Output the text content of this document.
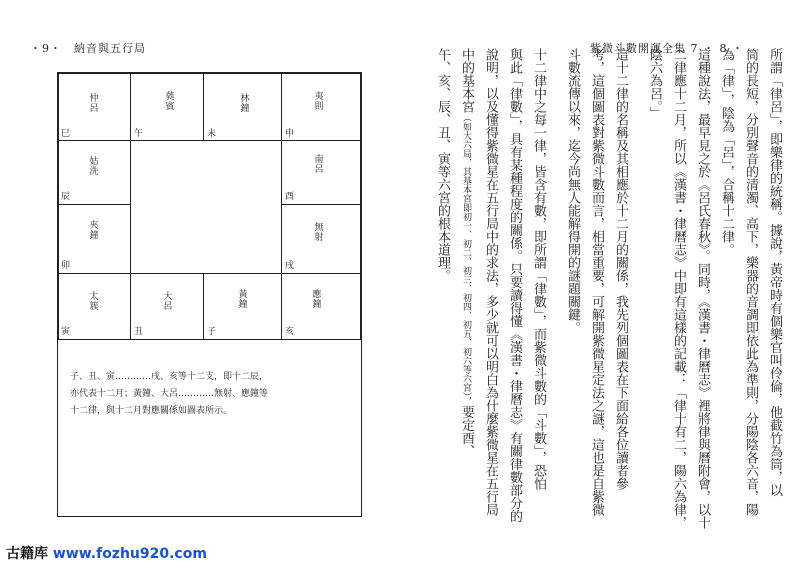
・9・　納音與五行局	紫微斗數開運全集 7 ・ 8 ・
仲呂
巳
蕤賓
午
林鐘
未
夷則
申
南呂
酉
無射
戌
應鐘
亥
黃鐘
子
大呂
丑
太簇
寅
夾鐘
卯
姑洗
辰
子、丑、寅…………戌、亥等十二支，即十二辰，
亦代表十二月；黃鐘、大呂…………無射、應鐘等
十二律，與十二月對應關係如圖表所示。	所謂「律呂」，即樂律的統稱。據說，黃帝時有個樂官叫伶倫，他截竹為筒，以
筒的長短，分別聲音的清濁、高下，樂器的音調即依此為準則，分陽陰各六音，陽
為「律」，陰為「呂」，合稱十二律。
這種說法，最早見之於《呂氏春秋》。同時，《漢書・律曆志》裡將律與曆附會，以十
二律應十二月，所以《漢書・律曆志》中即有這樣的記載：「律十有二，陽六為律，
陰六為呂。」
這十二律的名稱及其相應於十二月的關係，我先列個圖表在下面給各位讀者參
考，這個圖表對紫微斗數而言，相當重要，可解開紫微星定法之謎，這也是自紫微
斗數流傳以來，迄今尚無人能解得開的謎題關鍵。
十二律中之每一律，皆含有數，即所謂「律數」，而紫微斗數的「斗數」，恐怕
與此「律數」，具有某種程度的關係。只要讀得懂《漢書・律曆志》有關律數部分的
說明，以及懂得紫微星在五行局中的求法，多少就可以明白為什麼紫微星在五行局
中的基本宮（如大六局，其基本宮即初一、初二、初三、初四、初五、初六等六宮），要定酉、
午、亥、辰、丑、寅等六宮的根本道理。
古籍库 www.fozhu920.com
